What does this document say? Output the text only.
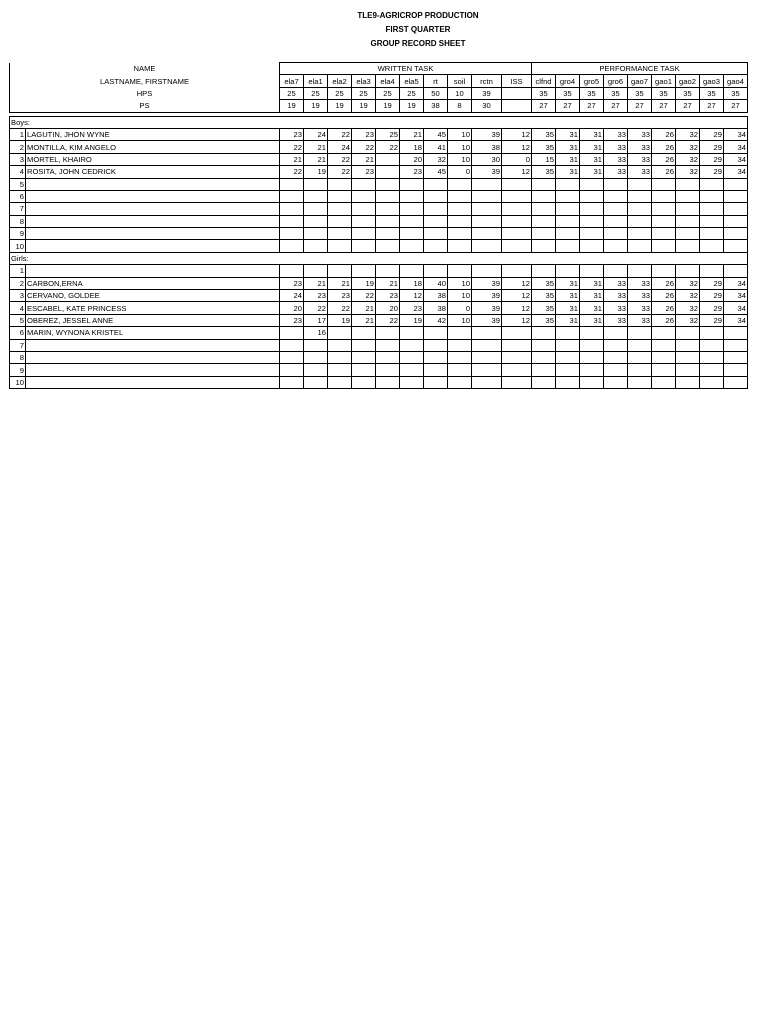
TLE9-AGRICROP PRODUCTION
FIRST QUARTER
GROUP RECORD SHEET
NAME		WRITTEN TASK										PERFORMANCE TASK								
LASTNAME, FIRSTNAME		ela7	ela1	ela2	ela3	ela4	ela5	rt	soil	rctn	ISS	clfnd	gro4	gro5	gro6	gao7	gao1	gao2	gao3	gao4
HPS		25	25	25	25	25	25	50	10	39		35	35	35	35	35	35	35	35	35
PS		19	19	19	19	19	19	38	8	30		27	27	27	27	27	27	27	27	27

Boys:																				
1	LAGUTIN, JHON WYNE	23	24	22	23	25	21	45	10	39	12	35	31	31	33	33	26	32	29	34
2	MONTILLA, KIM ANGELO	22	21	24	22	22	18	41	10	38	12	35	31	31	33	33	26	32	29	34
3	MORTEL, KHAIRO	21	21	22	21		20	32	10	30	0	15	31	31	33	33	26	32	29	34
4	ROSITA, JOHN CEDRICK	22	19	22	23		23	45	0	39	12	35	31	31	33	33	26	32	29	34
5																				
6																				
7																				
8																				
9																				
10																				
Girls:																				
1																				
2	CARBON,ERNA	23	21	21	19	21	18	40	10	39	12	35	31	31	33	33	26	32	29	34
3	CERVANO, GOLDEE	24	23	23	22	23	12	38	10	39	12	35	31	31	33	33	26	32	29	34
4	ESCABEL, KATE PRINCESS	20	22	22	21	20	23	38	0	39	12	35	31	31	33	33	26	32	29	34
5	OBEREZ, JESSEL ANNE	23	17	19	21	22	19	42	10	39	12	35	31	31	33	33	26	32	29	34
6	MARIN, WYNONA KRISTEL		16																	
7																				
8																				
9																				
10																				
